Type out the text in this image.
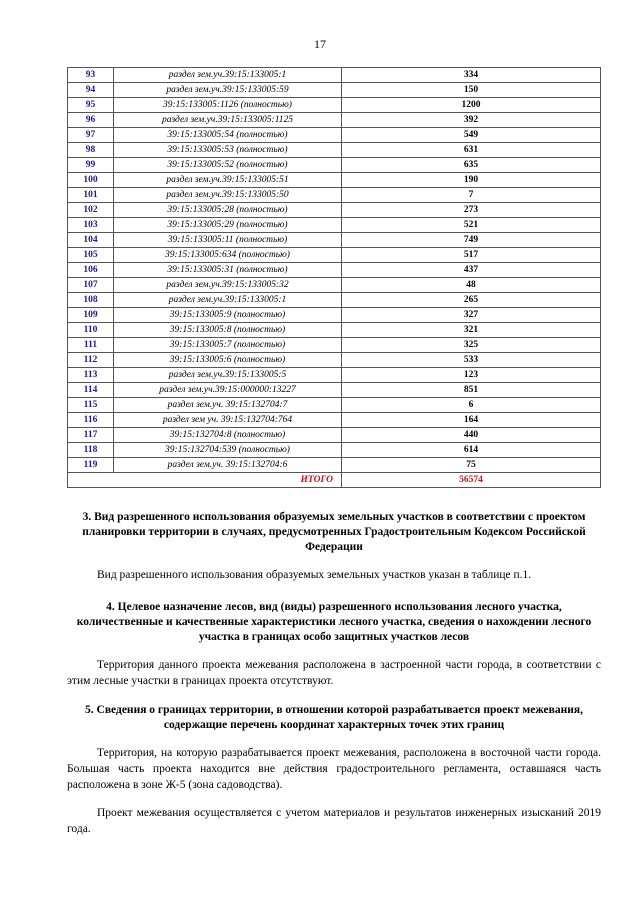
17
93	раздел зем.уч.39:15:133005:1	334
94	раздел зем.уч.39:15:133005:59	150
95	39:15:133005:1126 (полностью)	1200
96	раздел зем.уч.39:15:133005:1125	392
97	39:15:133005:54 (полностью)	549
98	39:15:133005:53 (полностью)	631
99	39:15:133005:52 (полностью)	635
100	раздел зем.уч.39:15:133005:51	190
101	раздел зем.уч.39:15:133005:50	7
102	39:15:133005:28 (полностью)	273
103	39:15:133005:29 (полностью)	521
104	39:15:133005:11 (полностью)	749
105	39:15:133005:634 (полностью)	517
106	39:15:133005:31 (полностью)	437
107	раздел зем.уч.39:15:133005:32	48
108	раздел зем.уч.39:15:133005:1	265
109	39:15:133005:9 (полностью)	327
110	39:15:133005:8 (полностью)	321
111	39:15:133005:7 (полностью)	325
112	39:15:133005:6 (полностью)	533
113	раздел зем.уч.39:15:133005:5	123
114	раздел зем.уч.39:15:000000:13227	851
115	раздел зем.уч. 39:15:132704:7	6
116	раздел зем уч. 39:15:132704:764	164
117	39:15:132704:8 (полностью)	440
118	39:15:132704:539 (полностью)	614
119	раздел зем.уч. 39:15:132704:6	75
ИТОГО		56574
3. Вид разрешенного использования образуемых земельных участков в соответствии с проектом планировки территории в случаях, предусмотренных Градостроительным Кодексом Российской Федерации
Вид разрешенного использования образуемых земельных участков указан в таблице п.1.
4. Целевое назначение лесов, вид (виды) разрешенного использования лесного участка, количественные и качественные характеристики лесного участка, сведения о нахождении лесного участка в границах особо защитных участков лесов
Территория данного проекта межевания расположена в застроенной части города, в соответствии с этим лесные участки в границах проекта отсутствуют.
5. Сведения о границах территории, в отношении которой разрабатывается проект межевания, содержащие перечень координат характерных точек этих границ
Территория, на которую разрабатывается проект межевания, расположена в восточной части города. Большая часть проекта находится вне действия градостроительного регламента, оставшаяся часть расположена в зоне Ж-5 (зона садоводства).
Проект межевания осуществляется с учетом материалов и результатов инженерных изысканий 2019 года.
